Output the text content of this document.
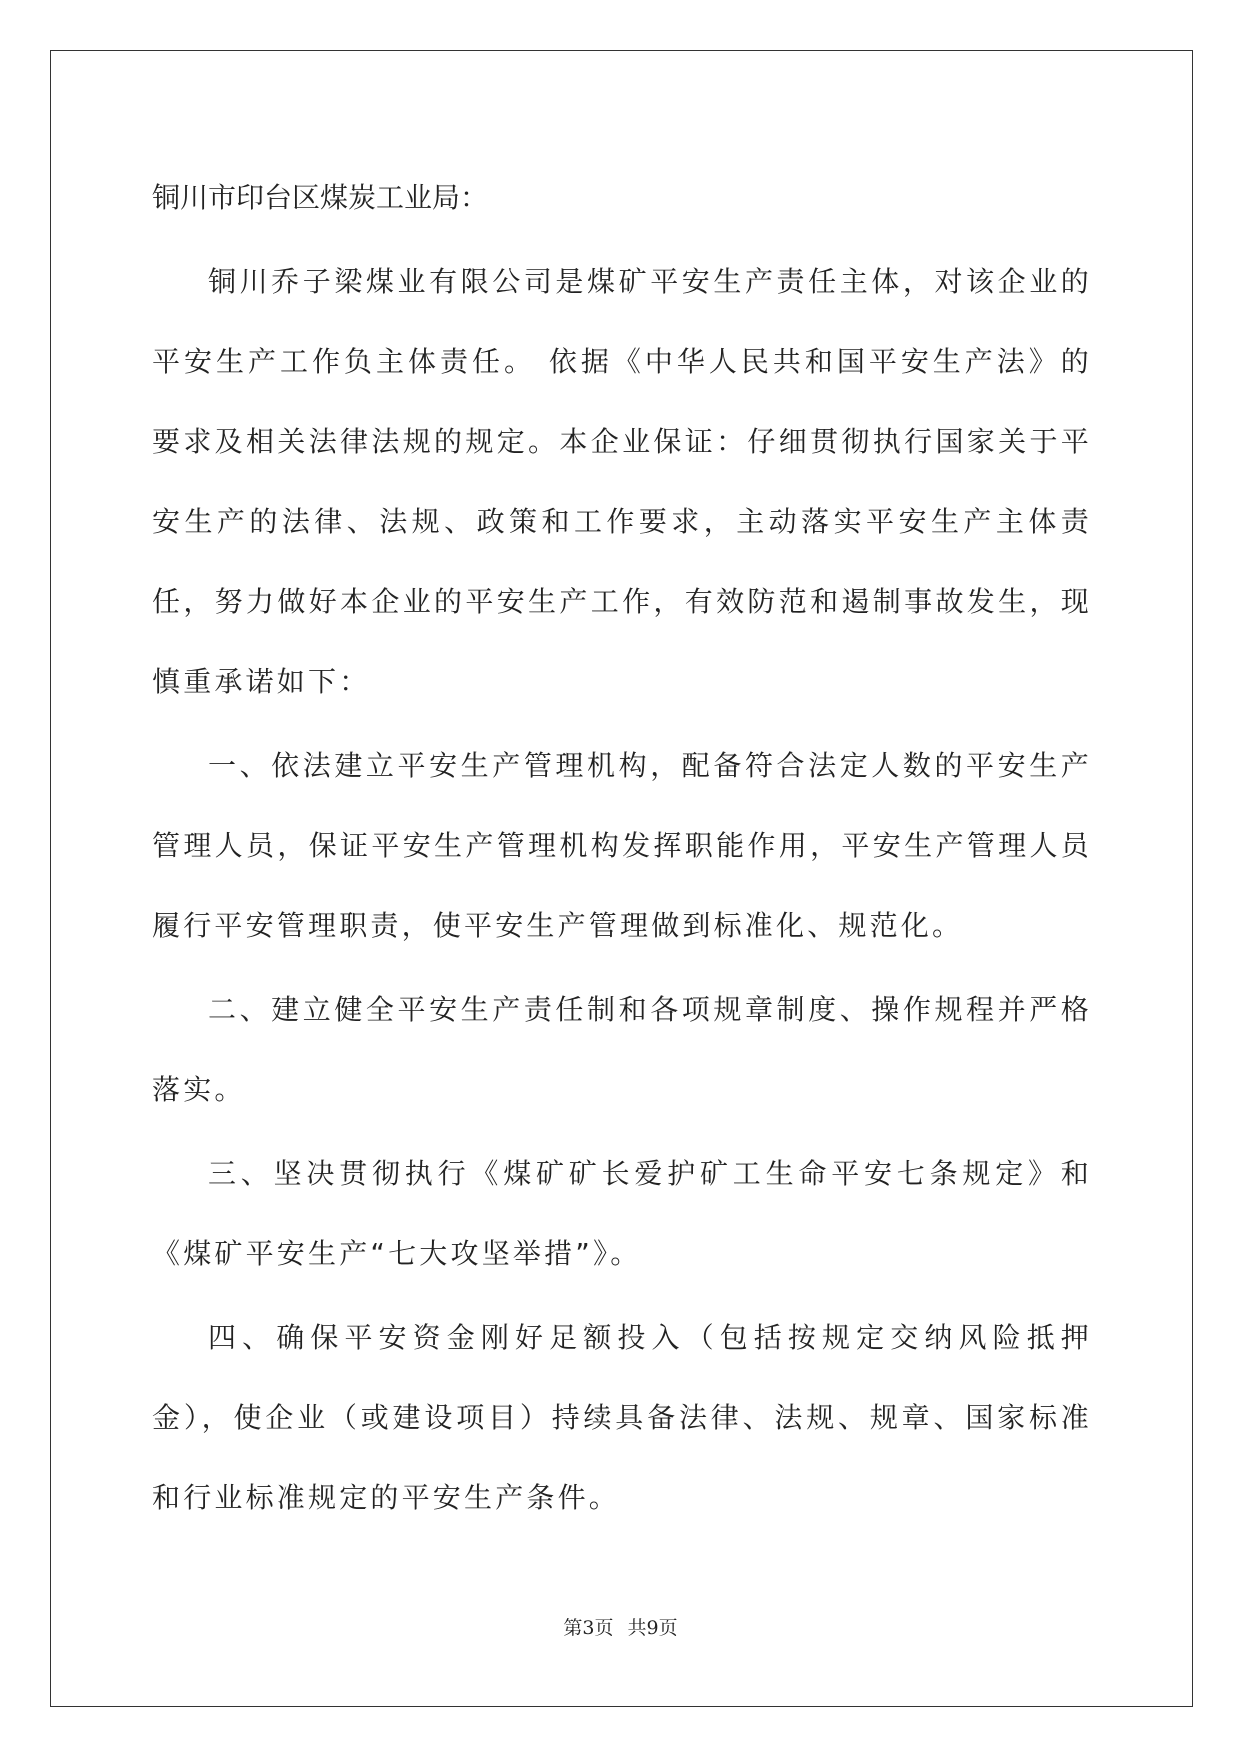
铜川市印台区煤炭工业局：

铜川乔子梁煤业有限公司是煤矿平安生产责任主体，对该企业的平安生产工作负主体责任。 依据《中华人民共和国平安生产法》的要求及相关法律法规的规定。本企业保证：仔细贯彻执行国家关于平安生产的法律、法规、政策和工作要求，主动落实平安生产主体责任，努力做好本企业的平安生产工作，有效防范和遏制事故发生，现慎重承诺如下：

一、依法建立平安生产管理机构，配备符合法定人数的平安生产管理人员，保证平安生产管理机构发挥职能作用，平安生产管理人员履行平安管理职责，使平安生产管理做到标准化、规范化。

二、建立健全平安生产责任制和各项规章制度、操作规程并严格落实。

三、坚决贯彻执行《煤矿矿长爱护矿工生命平安七条规定》和《煤矿平安生产“七大攻坚举措”》。

四、确保平安资金刚好足额投入（包括按规定交纳风险抵押金），使企业（或建设项目）持续具备法律、法规、规章、国家标准和行业标准规定的平安生产条件。

第3页 共9页
